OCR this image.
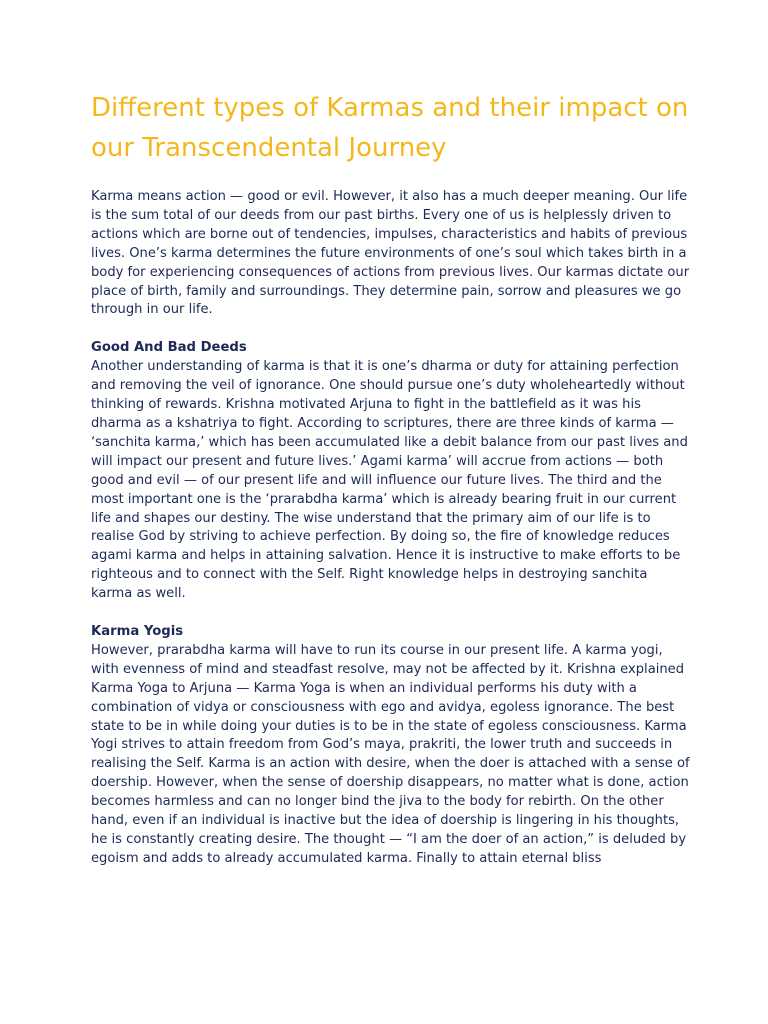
Different types of Karmas and their impact on our Transcendental Journey

Karma means action — good or evil. However, it also has a much deeper meaning. Our life is the sum total of our deeds from our past births. Every one of us is helplessly driven to actions which are borne out of tendencies, impulses, characteristics and habits of previous lives. One’s karma determines the future environments of one’s soul which takes birth in a body for experiencing consequences of actions from previous lives. Our karmas dictate our place of birth, family and surroundings. They determine pain, sorrow and pleasures we go through in our life.

Good And Bad Deeds

Another understanding of karma is that it is one’s dharma or duty for attaining perfection and removing the veil of ignorance. One should pursue one’s duty wholeheartedly without thinking of rewards. Krishna motivated Arjuna to fight in the battlefield as it was his dharma as a kshatriya to fight. According to scriptures, there are three kinds of karma — ‘sanchita karma,’ which has been accumulated like a debit balance from our past lives and will impact our present and future lives.’ Agami karma’ will accrue from actions — both good and evil — of our present life and will influence our future lives. The third and the most important one is the ‘prarabdha karma’ which is already bearing fruit in our current life and shapes our destiny. The wise understand that the primary aim of our life is to realise God by striving to achieve perfection. By doing so, the fire of knowledge reduces agami karma and helps in attaining salvation. Hence it is instructive to make efforts to be righteous and to connect with the Self. Right knowledge helps in destroying sanchita karma as well.

Karma Yogis

However, prarabdha karma will have to run its course in our present life. A karma yogi, with evenness of mind and steadfast resolve, may not be affected by it. Krishna explained Karma Yoga to Arjuna — Karma Yoga is when an individual performs his duty with a combination of vidya or consciousness with ego and avidya, egoless ignorance. The best state to be in while doing your duties is to be in the state of egoless consciousness. Karma Yogi strives to attain freedom from God’s maya, prakriti, the lower truth and succeeds in realising the Self. Karma is an action with desire, when the doer is attached with a sense of doership. However, when the sense of doership disappears, no matter what is done, action becomes harmless and can no longer bind the jiva to the body for rebirth. On the other hand, even if an individual is inactive but the idea of doership is lingering in his thoughts, he is constantly creating desire. The thought — “I am the doer of an action,” is deluded by egoism and adds to already accumulated karma. Finally to attain eternal bliss
